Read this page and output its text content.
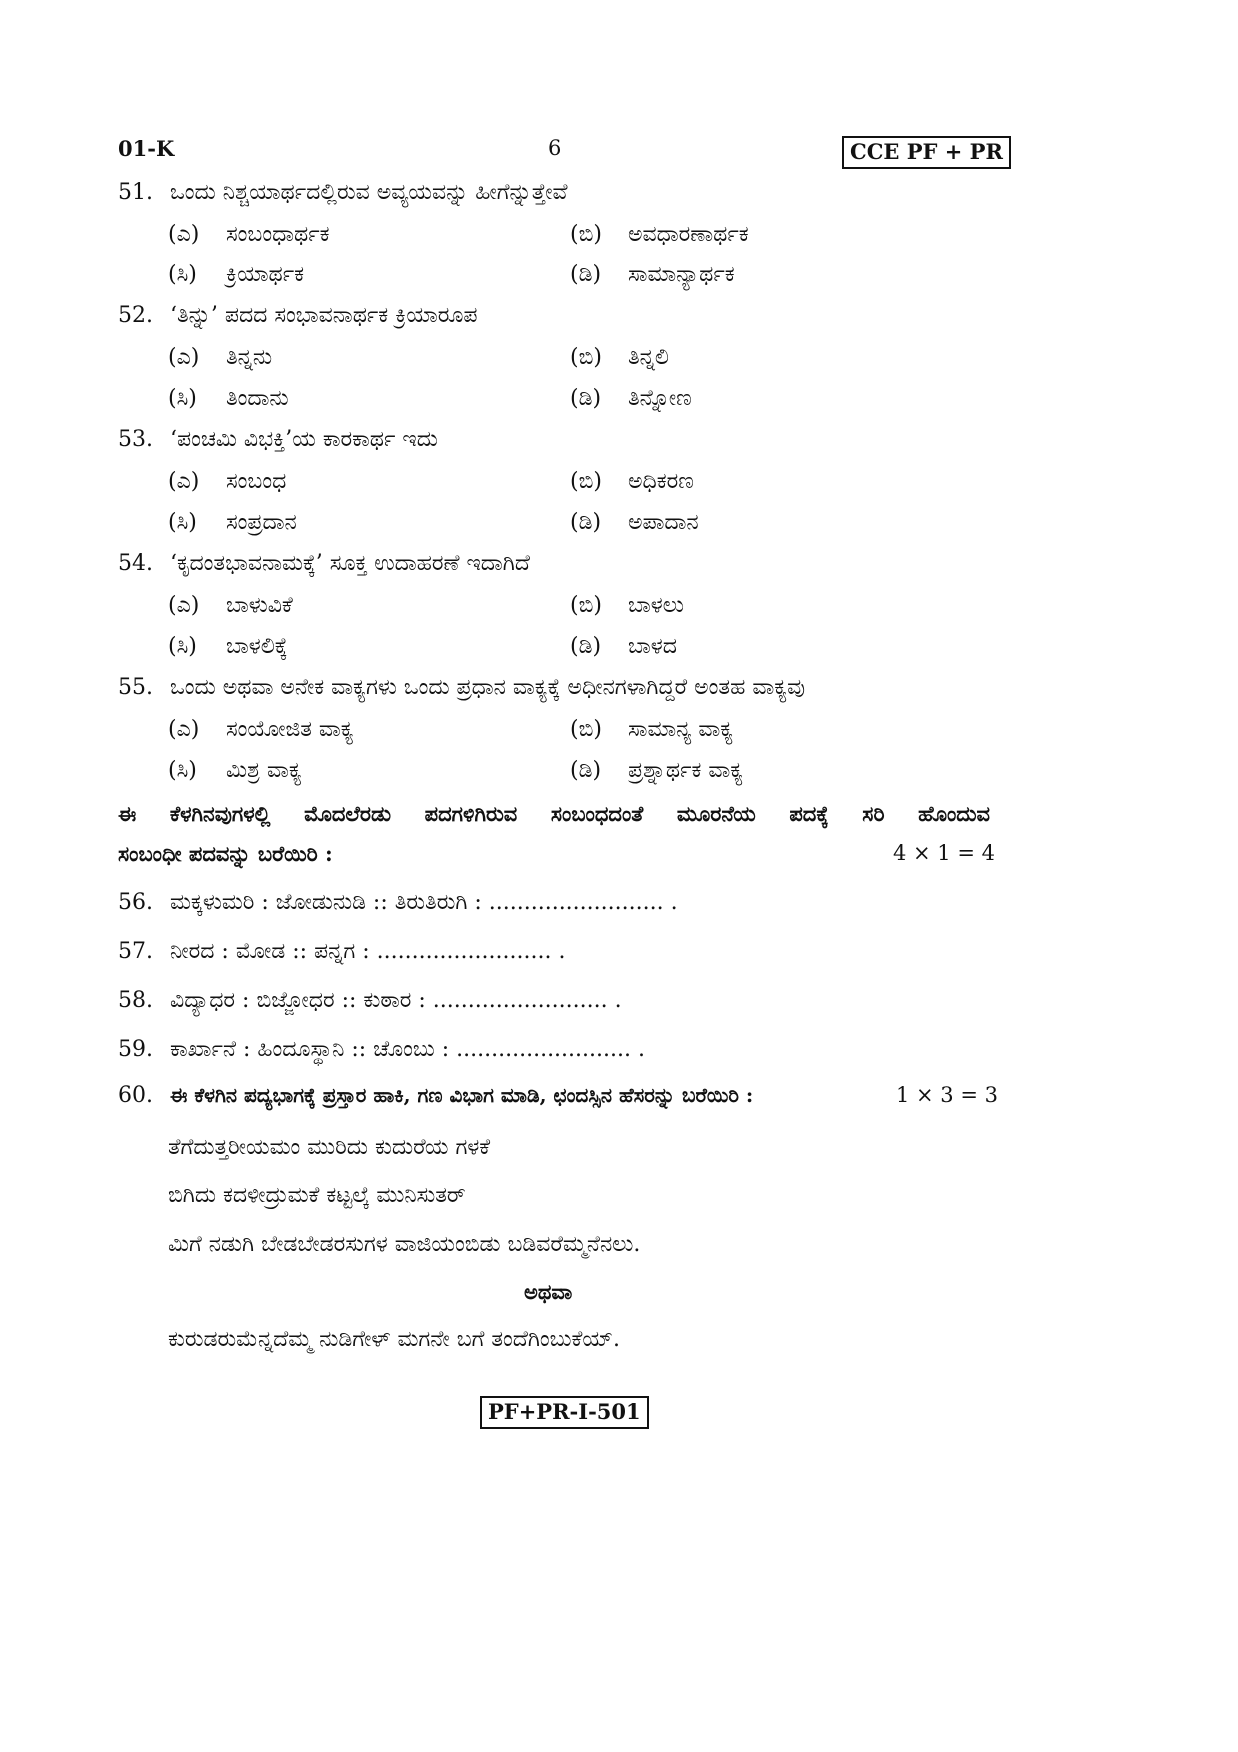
01-K	6	CCE PF + PR
51. ಒಂದು ನಿಶ್ಚಯಾರ್ಥದಲ್ಲಿರುವ ಅವ್ಯಯವನ್ನು ಹೀಗೆನ್ನುತ್ತೇವೆ
(ಎ) ಸಂಬಂಧಾರ್ಥಕ	(ಬಿ) ಅವಧಾರಣಾರ್ಥಕ
(ಸಿ) ಕ್ರಿಯಾರ್ಥಕ	(ಡಿ) ಸಾಮಾನ್ಯಾರ್ಥಕ
52. ‘ತಿನ್ನು’ ಪದದ ಸಂಭಾವನಾರ್ಥಕ ಕ್ರಿಯಾರೂಪ
(ಎ) ತಿನ್ನನು	(ಬಿ) ತಿನ್ನಲಿ
(ಸಿ) ತಿಂದಾನು	(ಡಿ) ತಿನ್ನೋಣ
53. ‘ಪಂಚಮಿ ವಿಭಕ್ತಿ’ಯ ಕಾರಕಾರ್ಥ ಇದು
(ಎ) ಸಂಬಂಧ	(ಬಿ) ಅಧಿಕರಣ
(ಸಿ) ಸಂಪ್ರದಾನ	(ಡಿ) ಅಪಾದಾನ
54. ‘ಕೃದಂತಭಾವನಾಮಕ್ಕೆ’ ಸೂಕ್ತ ಉದಾಹರಣೆ ಇದಾಗಿದೆ
(ಎ) ಬಾಳುವಿಕೆ	(ಬಿ) ಬಾಳಲು
(ಸಿ) ಬಾಳಲಿಕ್ಕೆ	(ಡಿ) ಬಾಳದ
55. ಒಂದು ಅಥವಾ ಅನೇಕ ವಾಕ್ಯಗಳು ಒಂದು ಪ್ರಧಾನ ವಾಕ್ಯಕ್ಕೆ ಅಧೀನಗಳಾಗಿದ್ದರೆ ಅಂತಹ ವಾಕ್ಯವು
(ಎ) ಸಂಯೋಜಿತ ವಾಕ್ಯ	(ಬಿ) ಸಾಮಾನ್ಯ ವಾಕ್ಯ
(ಸಿ) ಮಿಶ್ರ ವಾಕ್ಯ	(ಡಿ) ಪ್ರಶ್ನಾರ್ಥಕ ವಾಕ್ಯ
ಈ ಕೆಳಗಿನವುಗಳಲ್ಲಿ ಮೊದಲೆರಡು ಪದಗಳಿಗಿರುವ ಸಂಬಂಧದಂತೆ ಮೂರನೆಯ ಪದಕ್ಕೆ ಸರಿ ಹೊಂದುವ
ಸಂಬಂಧೀ ಪದವನ್ನು ಬರೆಯಿರಿ :	4 × 1 = 4
56. ಮಕ್ಕಳುಮರಿ : ಜೋಡುನುಡಿ :: ತಿರುತಿರುಗಿ : ......................... .
57. ನೀರದ : ಮೋಡ :: ಪನ್ನಗ : ......................... .
58. ವಿದ್ಯಾಧರ : ಬಿಜ್ಜೋಧರ :: ಕುಠಾರ : ......................... .
59. ಕಾರ್ಖಾನೆ : ಹಿಂದೂಸ್ಥಾನಿ :: ಚೊಂಬು : ......................... .
60. ಈ ಕೆಳಗಿನ ಪದ್ಯಭಾಗಕ್ಕೆ ಪ್ರಸ್ತಾರ ಹಾಕಿ, ಗಣ ವಿಭಾಗ ಮಾಡಿ, ಛಂದಸ್ಸಿನ ಹೆಸರನ್ನು ಬರೆಯಿರಿ :	1 × 3 = 3
ತೆಗೆದುತ್ತರೀಯಮಂ ಮುರಿದು ಕುದುರೆಯ ಗಳಕೆ
ಬಿಗಿದು ಕದಳೀದ್ರುಮಕೆ ಕಟ್ಟಲ್ಕೆ ಮುನಿಸುತರ್
ಮಿಗೆ ನಡುಗಿ ಬೇಡಬೇಡರಸುಗಳ ವಾಜಿಯಂಬಿಡು ಬಡಿವರೆಮ್ಮನೆನಲು.
ಅಥವಾ
ಕುರುಡರುಮೆನ್ನದೆಮ್ಮ ನುಡಿಗೇಳ್ ಮಗನೇ ಬಗೆ ತಂದೆಗಿಂಬುಕೆಯ್.
PF+PR-I-501
